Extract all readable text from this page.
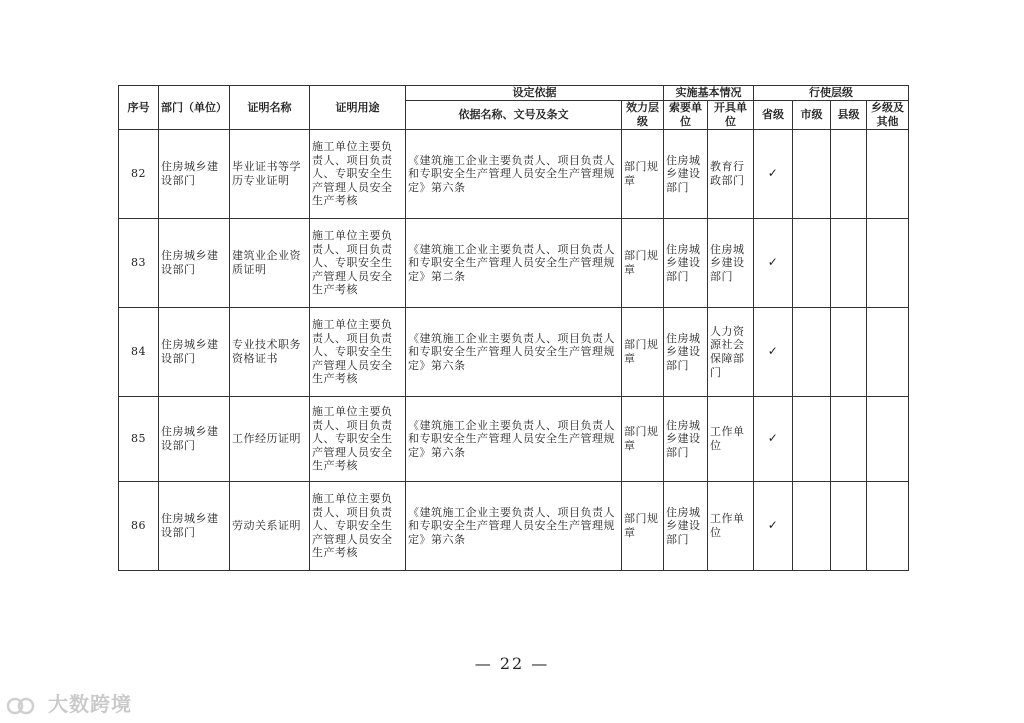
序号	部门（单位）	证明名称	证明用途	设定依据		实施基本情况		行使层级			
				依据名称、文号及条文	效力层级	索要单位	开具单位	省级	市级	县级	乡级及其他
82	住房城乡建设部门	毕业证书等学历专业证明	施工单位主要负责人、项目负责人、专职安全生产管理人员安全生产考核	《建筑施工企业主要负责人、项目负责人和专职安全生产管理人员安全生产管理规定》第六条	部门规章	住房城乡建设部门	教育行政部门	✓			
83	住房城乡建设部门	建筑业企业资质证明	施工单位主要负责人、项目负责人、专职安全生产管理人员安全生产考核	《建筑施工企业主要负责人、项目负责人和专职安全生产管理人员安全生产管理规定》第二条	部门规章	住房城乡建设部门	住房城乡建设部门	✓			
84	住房城乡建设部门	专业技术职务资格证书	施工单位主要负责人、项目负责人、专职安全生产管理人员安全生产考核	《建筑施工企业主要负责人、项目负责人和专职安全生产管理人员安全生产管理规定》第六条	部门规章	住房城乡建设部门	人力资源社会保障部门	✓			
85	住房城乡建设部门	工作经历证明	施工单位主要负责人、项目负责人、专职安全生产管理人员安全生产考核	《建筑施工企业主要负责人、项目负责人和专职安全生产管理人员安全生产管理规定》第六条	部门规章	住房城乡建设部门	工作单位	✓			
86	住房城乡建设部门	劳动关系证明	施工单位主要负责人、项目负责人、专职安全生产管理人员安全生产考核	《建筑施工企业主要负责人、项目负责人和专职安全生产管理人员安全生产管理规定》第六条	部门规章	住房城乡建设部门	工作单位	✓			
— 22 —
大数跨境
